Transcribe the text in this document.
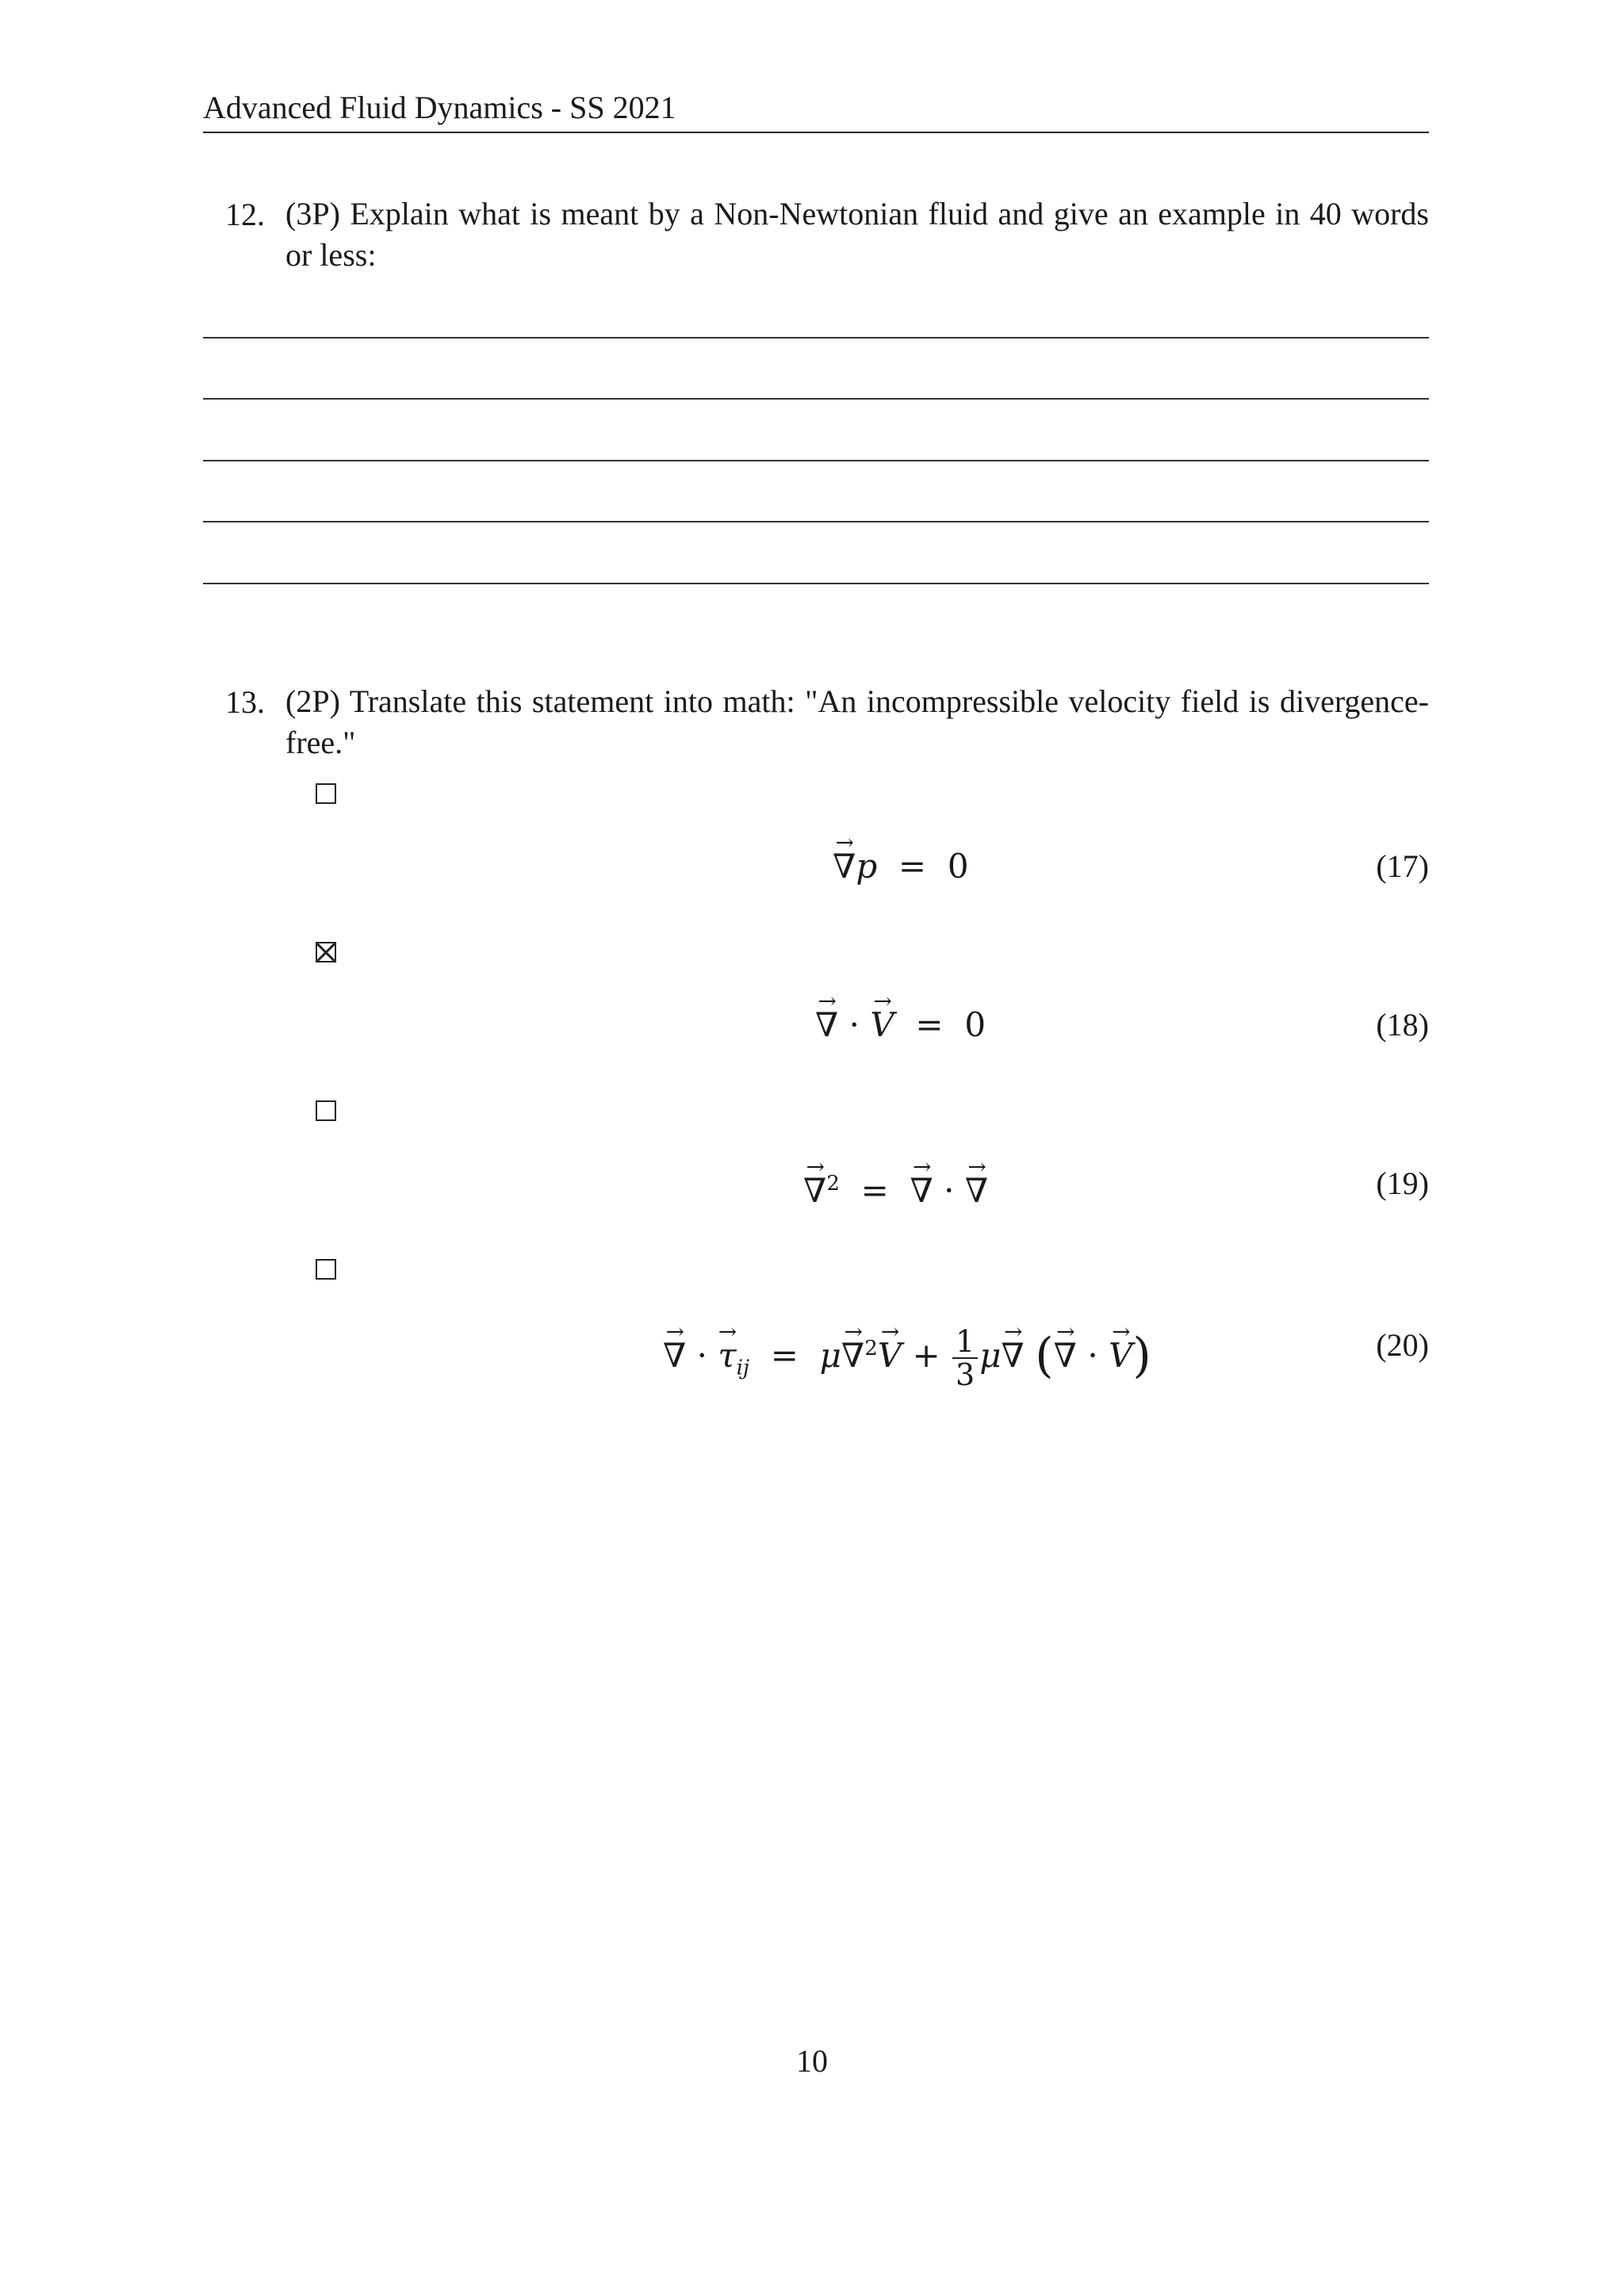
Advanced Fluid Dynamics - SS 2021
12. (3P) Explain what is meant by a Non-Newtonian fluid and give an example in 40 words or less:
13. (2P) Translate this statement into math: "An incompressible velocity field is divergence-free."
→ ∇p  =  0	(17)
→ ∇ · → V  =  0	(18)
→ ∇$^2$  =  → ∇ · → ∇	(19)
→ ∇ · → $\tau_{ij} = \mu\to \nabla^2\to V + \frac{1}{3} \mu\to$ ∇ (→ ∇ · → V)	(20)
10
